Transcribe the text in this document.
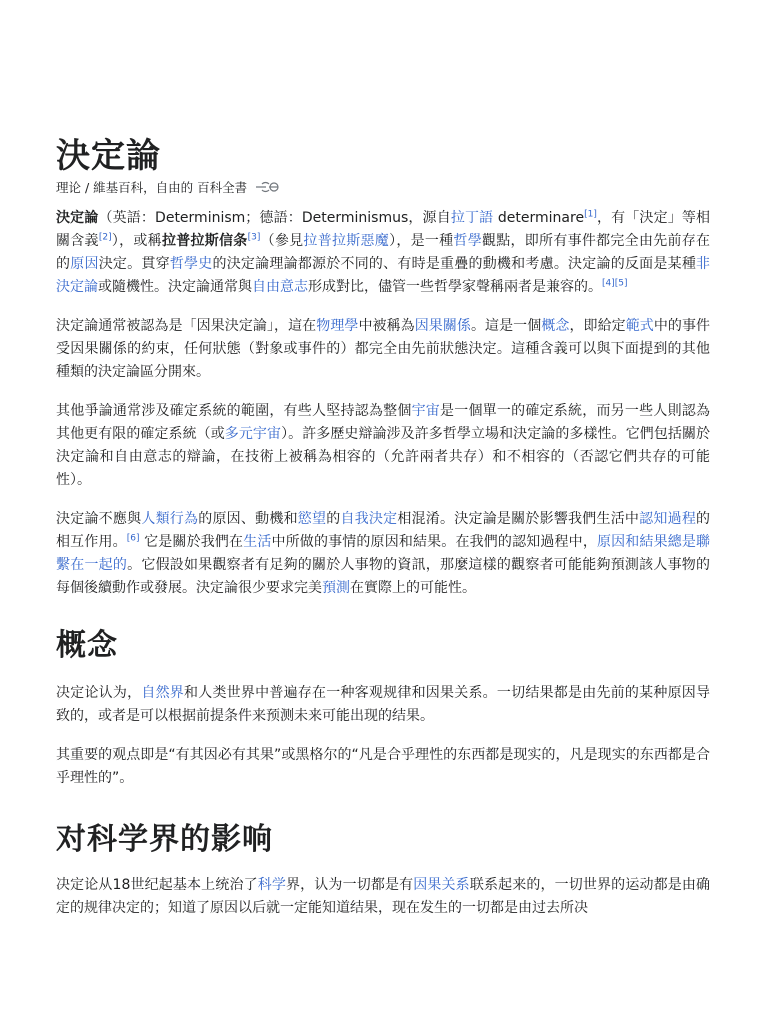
決定論
理论 / 維基百科，自由的 百科全書

決定論（英語：Determinism；德語：Determinismus，源自拉丁語 determinare[1]，有「決定」等相關含義[2]），或稱拉普拉斯信条[3]（參見拉普拉斯惡魔），是一種哲學觀點，即所有事件都完全由先前存在的原因決定。貫穿哲學史的決定論理論都源於不同的、有時是重疊的動機和考慮。決定論的反面是某種非決定論或隨機性。決定論通常與自由意志形成對比，儘管一些哲學家聲稱兩者是兼容的。[4][5]

決定論通常被認為是「因果決定論」，這在物理學中被稱為因果關係。這是一個概念，即給定範式中的事件受因果關係的約束，任何狀態（對象或事件的）都完全由先前狀態決定。這種含義可以與下面提到的其他種類的決定論區分開來。

其他爭論通常涉及確定系統的範圍，有些人堅持認為整個宇宙是一個單一的確定系統，而另一些人則認為其他更有限的確定系統（或多元宇宙）。許多歷史辯論涉及許多哲學立場和決定論的多樣性。它們包括關於決定論和自由意志的辯論，在技術上被稱為相容的（允許兩者共存）和不相容的（否認它們共存的可能性）。

決定論不應與人類行為的原因、動機和慾望的自我決定相混淆。決定論是關於影響我們生活中認知過程的相互作用。[6] 它是關於我們在生活中所做的事情的原因和結果。在我們的認知過程中，原因和結果總是聯繫在一起的。它假設如果觀察者有足夠的關於人事物的資訊，那麼這樣的觀察者可能能夠預測該人事物的每個後續動作或發展。決定論很少要求完美預測在實際上的可能性。

概念

决定论认为，自然界和人类世界中普遍存在一种客观规律和因果关系。一切结果都是由先前的某种原因导致的，或者是可以根据前提条件来预测未来可能出现的结果。

其重要的观点即是“有其因必有其果”或黑格尔的“凡是合乎理性的东西都是现实的，凡是现实的东西都是合乎理性的”。

对科学界的影响

决定论从18世纪起基本上统治了科学界，认为一切都是有因果关系联系起来的，一切世界的运动都是由确定的规律决定的；知道了原因以后就一定能知道结果，现在发生的一切都是由过去所决
